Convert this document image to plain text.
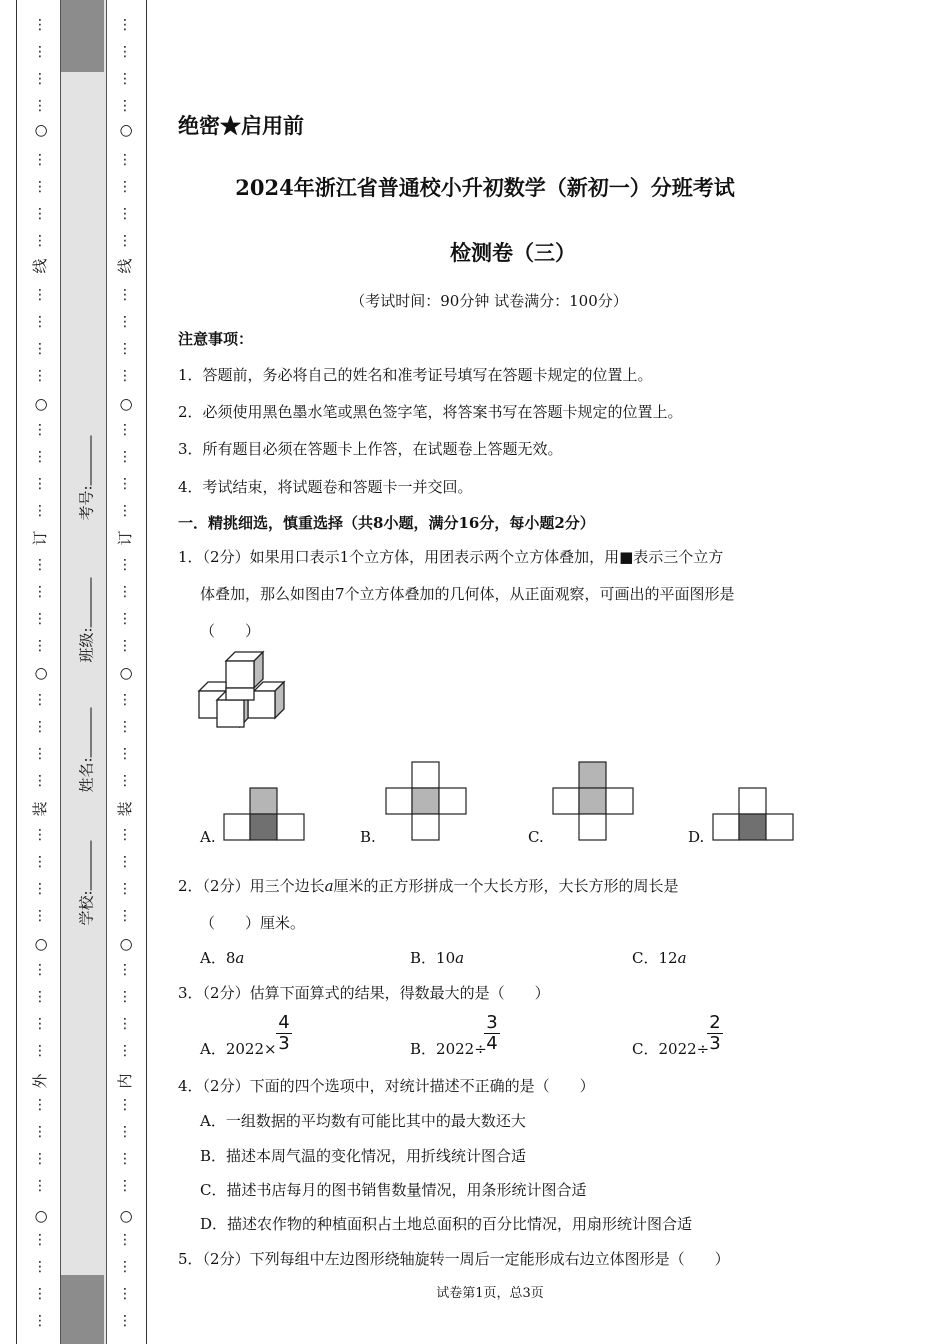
⋮
⋮
⋮
⋮
⋮
⋮
⋮
⋮
⋮
⋮
⋮
⋮
⋮
⋮
⋮
⋮
⋮
⋮
⋮
⋮
⋮
⋮
⋮
⋮
⋮
⋮
⋮
⋮
⋮
⋮
⋮
⋮
⋮
⋮
⋮
⋮
⋮
⋮
⋮
⋮
○
线
○
订
○
装
○
外
○
⋮
⋮
⋮
⋮
⋮
⋮
⋮
⋮
⋮
⋮
⋮
⋮
⋮
⋮
⋮
⋮
⋮
⋮
⋮
⋮
⋮
⋮
⋮
⋮
⋮
⋮
⋮
⋮
⋮
⋮
⋮
⋮
⋮
⋮
⋮
⋮
⋮
⋮
⋮
⋮
○
线
○
订
○
装
○
内
○
学校:
姓名:
班级:
考号:
绝密★启用前
2024年浙江省普通校小升初数学（新初一）分班考试
检测卷（三）
（考试时间：90分钟 试卷满分：100分）
注意事项：
1．答题前，务必将自己的姓名和准考证号填写在答题卡规定的位置上。
2．必须使用黑色墨水笔或黑色签字笔，将答案书写在答题卡规定的位置上。
3．所有题目必须在答题卡上作答，在试题卷上答题无效。
4．考试结束，将试题卷和答题卡一并交回。
一．精挑细选，慎重选择（共8小题，满分16分，每小题2分）
1．（2分）如果用口表示1个立方体，用团表示两个立方体叠加，用■表示三个立方
体叠加，那么如图由7个立方体叠加的几何体，从正面观察，可画出的平面图形是
（　　）
A.	B.	C.	D.
2．（2分）用三个边长a厘米的正方形拼成一个大长方形，大长方形的周长是
（　　）厘米。
A．8a	B．10a	C．12a
3．（2分）估算下面算式的结果，得数最大的是（　　）
A．$2022\times \frac{4}{3}$	B．2022÷
$\frac{3}{4}$	C．2022÷
$\frac{2}{3}$
4．（2分）下面的四个选项中，对统计描述不正确的是（　　）
A．一组数据的平均数有可能比其中的最大数还大
B．描述本周气温的变化情况，用折线统计图合适
C．描述书店每月的图书销售数量情况，用条形统计图合适
D．描述农作物的种植面积占土地总面积的百分比情况，用扇形统计图合适
5．（2分）下列每组中左边图形绕轴旋转一周后一定能形成右边立体图形是（　　）
试卷第1页，总3页
